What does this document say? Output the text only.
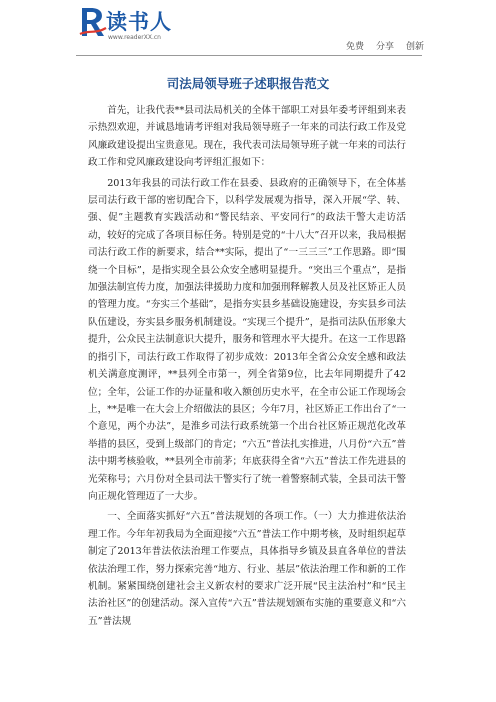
读书人
www.readerXX.cn
免费 分享 创新
司法局领导班子述职报告范文

首先，让我代表**县司法局机关的全体干部职工对县年委考评组到来表示热烈欢迎，并诚恳地请考评组对我局领导班子一年来的司法行政工作及党风廉政建设提出宝贵意见。现在，我代表司法局领导班子就一年来的司法行政工作和党风廉政建设向考评组汇报如下：

2013年我县的司法行政工作在县委、县政府的正确领导下，在全体基层司法行政干部的密切配合下，以科学发展观为指导，深入开展“学、转、强、促”主题教育实践活动和“警民结亲、平安同行”的政法干警大走访活动，较好的完成了各项目标任务。特别是党的“十八大”召开以来，我局根据司法行政工作的新要求，结合**实际，提出了“一三三三”工作思路。即“围绕一个目标”，是指实现全县公众安全感明显提升。“突出三个重点”，是指加强法制宣传力度，加强法律援助力度和加强刑释解教人员及社区矫正人员的管理力度。“夯实三个基础”，是指夯实县乡基础设施建设，夯实县乡司法队伍建设，夯实县乡服务机制建设。“实现三个提升”，是指司法队伍形象大提升，公众民主法制意识大提升，服务和管理水平大提升。在这一工作思路的指引下，司法行政工作取得了初步成效：2013年全省公众安全感和政法机关满意度测评，**县列全市第一，列全省第9位，比去年同期提升了42位；全年，公证工作的办证量和收入额创历史水平，在全市公证工作现场会上，**是唯一在大会上介绍做法的县区；今年7月，社区矫正工作出台了“一个意见，两个办法”，是淮乡司法行政系统第一个出台社区矫正规范化改革举措的县区，受到上级部门的肯定；“六五”普法扎实推进，八月份“六五”普法中期考核验收，**县列全市前茅；年底获得全省“六五”普法工作先进县的光荣称号；六月份对全县司法干警实行了统一着警察制式装，全县司法干警向正规化管理迈了一大步。

一、全面落实抓好“六五”普法规划的各项工作。（一）大力推进依法治理工作。今年年初我局为全面迎接“六五”普法工作中期考核，及时组织起草制定了2013年普法依法治理工作要点，具体指导乡镇及县直各单位的普法依法治理工作，努力探索完善“地方、行业、基层”依法治理工作和新的工作机制。紧紧围绕创建社会主义新农村的要求广泛开展“民主法治村”和“民主法治社区”的创建活动。深入宣传“六五”普法规划颁布实施的重要意义和“六五”普法规
